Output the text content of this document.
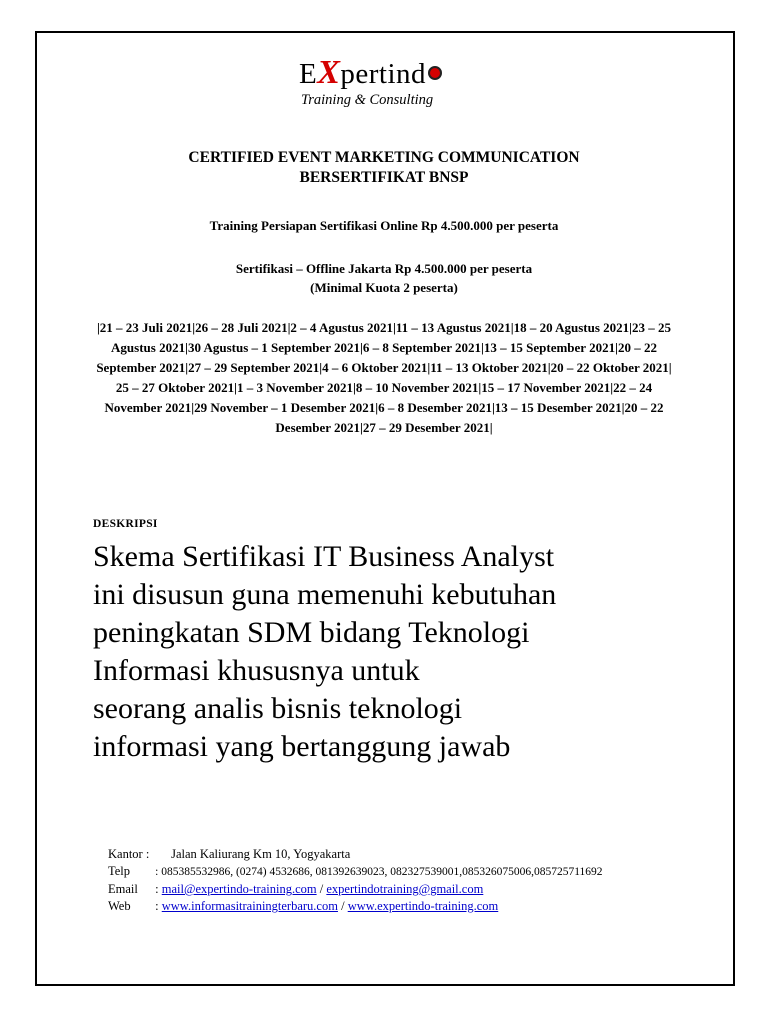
EXpertind
Training & Consulting
CERTIFIED EVENT MARKETING COMMUNICATION
BERSERTIFIKAT BNSP
Training Persiapan Sertifikasi Online Rp 4.500.000 per peserta
Sertifikasi – Offline Jakarta Rp 4.500.000 per peserta
(Minimal Kuota 2 peserta)
|21 – 23 Juli 2021|26 – 28 Juli 2021|2 – 4 Agustus 2021|11 – 13 Agustus 2021|18 – 20 Agustus 2021|23 – 25 Agustus 2021|30 Agustus – 1 September 2021|6 – 8 September 2021|13 – 15 September 2021|20 – 22 September 2021|27 – 29 September 2021|4 – 6 Oktober 2021|11 – 13 Oktober 2021|20 – 22 Oktober 2021| 25 – 27 Oktober 2021|1 – 3 November 2021|8 – 10 November 2021|15 – 17 November 2021|22 – 24 November 2021|29 November – 1 Desember 2021|6 – 8 Desember 2021|13 – 15 Desember 2021|20 – 22 Desember 2021|27 – 29 Desember 2021|
DESKRIPSI
Skema Sertifikasi IT Business Analyst
ini disusun guna memenuhi kebutuhan
peningkatan SDM bidang Teknologi
Informasi khususnya untuk
seorang analis bisnis teknologi
informasi yang bertanggung jawab
Kantor : Jalan Kaliurang Km 10, Yogyakarta
Telp : 085385532986, (0274) 4532686, 081392639023, 082327539001,085326075006,085725711692
Email : mail@expertindo-training.com / expertindotraining@gmail.com
Web : www.informasitrainingterbaru.com / www.expertindo-training.com
